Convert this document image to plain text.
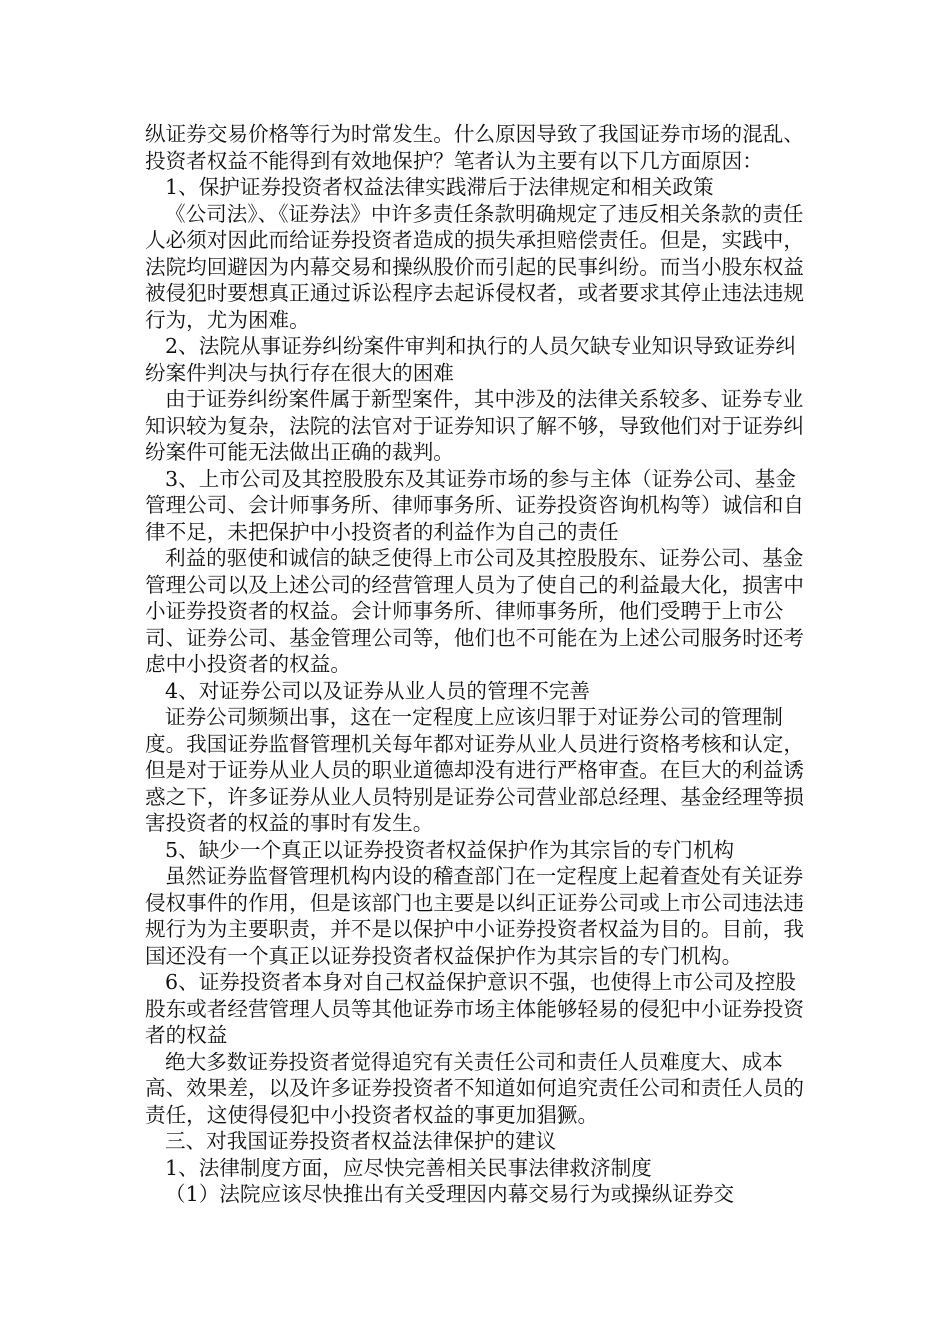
纵证券交易价格等行为时常发生。什么原因导致了我国证券市场的混乱、投资者权益不能得到有效地保护？笔者认为主要有以下几方面原因：

1、保护证券投资者权益法律实践滞后于法律规定和相关政策

《公司法》、《证券法》中许多责任条款明确规定了违反相关条款的责任人必须对因此而给证券投资者造成的损失承担赔偿责任。但是，实践中，法院均回避因为内幕交易和操纵股价而引起的民事纠纷。而当小股东权益被侵犯时要想真正通过诉讼程序去起诉侵权者，或者要求其停止违法违规行为，尤为困难。

2、法院从事证券纠纷案件审判和执行的人员欠缺专业知识导致证券纠纷案件判决与执行存在很大的困难

由于证券纠纷案件属于新型案件，其中涉及的法律关系较多、证券专业知识较为复杂，法院的法官对于证券知识了解不够，导致他们对于证券纠纷案件可能无法做出正确的裁判。

3、上市公司及其控股股东及其证券市场的参与主体（证券公司、基金管理公司、会计师事务所、律师事务所、证券投资咨询机构等）诚信和自律不足，未把保护中小投资者的利益作为自己的责任

利益的驱使和诚信的缺乏使得上市公司及其控股股东、证券公司、基金管理公司以及上述公司的经营管理人员为了使自己的利益最大化，损害中小证券投资者的权益。会计师事务所、律师事务所，他们受聘于上市公司、证券公司、基金管理公司等，他们也不可能在为上述公司服务时还考虑中小投资者的权益。

4、对证券公司以及证券从业人员的管理不完善

证券公司频频出事，这在一定程度上应该归罪于对证券公司的管理制度。我国证券监督管理机关每年都对证券从业人员进行资格考核和认定，但是对于证券从业人员的职业道德却没有进行严格审查。在巨大的利益诱惑之下，许多证券从业人员特别是证券公司营业部总经理、基金经理等损害投资者的权益的事时有发生。

5、缺少一个真正以证券投资者权益保护作为其宗旨的专门机构

虽然证券监督管理机构内设的稽查部门在一定程度上起着查处有关证券侵权事件的作用，但是该部门也主要是以纠正证券公司或上市公司违法违规行为为主要职责，并不是以保护中小证券投资者权益为目的。目前，我国还没有一个真正以证券投资者权益保护作为其宗旨的专门机构。

6、证券投资者本身对自己权益保护意识不强，也使得上市公司及控股股东或者经营管理人员等其他证券市场主体能够轻易的侵犯中小证券投资者的权益

绝大多数证券投资者觉得追究有关责任公司和责任人员难度大、成本高、效果差，以及许多证券投资者不知道如何追究责任公司和责任人员的责任，这使得侵犯中小投资者权益的事更加猖獗。

三、对我国证券投资者权益法律保护的建议

1、法律制度方面，应尽快完善相关民事法律救济制度

（1）法院应该尽快推出有关受理因内幕交易行为或操纵证券交
